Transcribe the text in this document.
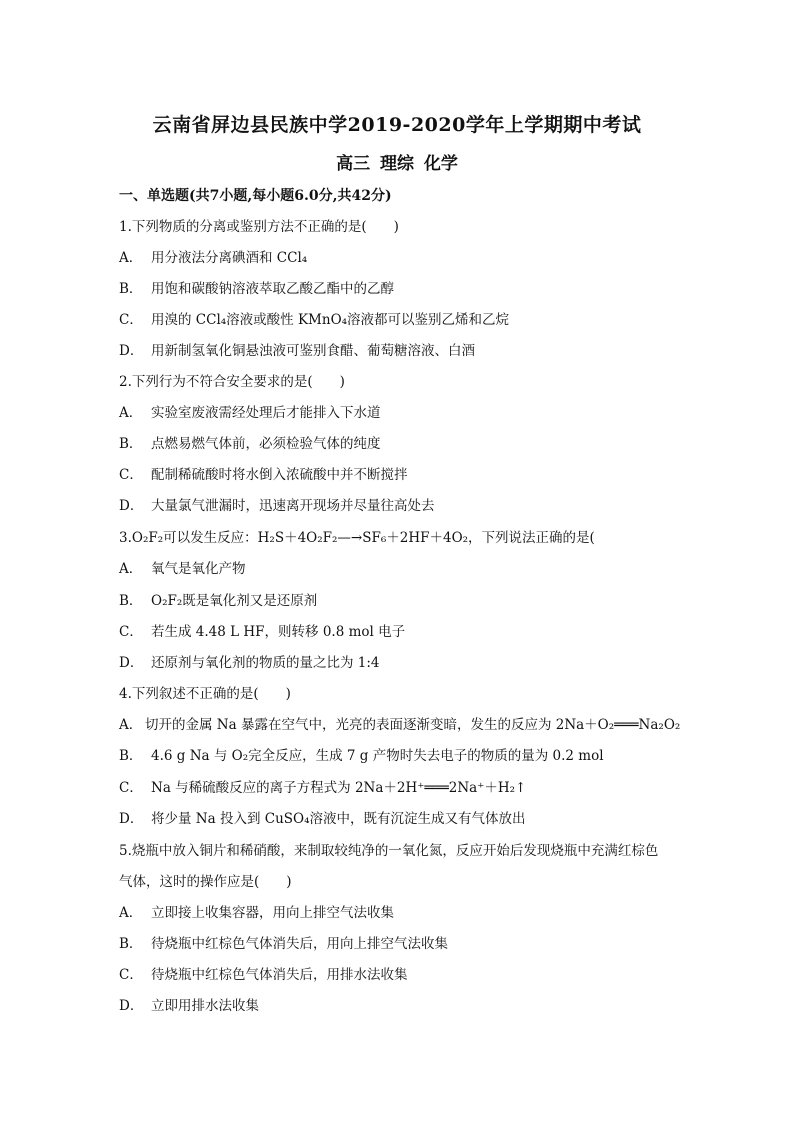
云南省屏边县民族中学2019-2020学年上学期期中考试
高三 理综 化学
一、单选题(共7小题,每小题6.0分,共42分)
1.下列物质的分离或鉴别方法不正确的是(　　)
A． 用分液法分离碘酒和 CCl₄
B． 用饱和碳酸钠溶液萃取乙酸乙酯中的乙醇
C． 用溴的 CCl₄溶液或酸性 KMnO₄溶液都可以鉴别乙烯和乙烷
D． 用新制氢氧化铜悬浊液可鉴别食醋、葡萄糖溶液、白酒
2.下列行为不符合安全要求的是(　　)
A． 实验室废液需经处理后才能排入下水道
B． 点燃易燃气体前，必须检验气体的纯度
C． 配制稀硫酸时将水倒入浓硫酸中并不断搅拌
D． 大量氯气泄漏时，迅速离开现场并尽量往高处去
3.O₂F₂可以发生反应：H₂S＋4O₂F₂—→SF₆＋2HF＋4O₂，下列说法正确的是(
A． 氧气是氧化产物
B． O₂F₂既是氧化剂又是还原剂
C． 若生成 4.48 L HF，则转移 0.8 mol 电子
D． 还原剂与氧化剂的物质的量之比为 1:4
4.下列叙述不正确的是(　　)
A． 切开的金属 Na 暴露在空气中，光亮的表面逐渐变暗，发生的反应为 2Na＋O₂═══Na₂O₂
B． 4.6 g Na 与 O₂完全反应，生成 7 g 产物时失去电子的物质的量为 0.2 mol
C． Na 与稀硫酸反应的离子方程式为 2Na＋2H⁺═══2Na⁺＋H₂↑
D． 将少量 Na 投入到 CuSO₄溶液中，既有沉淀生成又有气体放出
5.烧瓶中放入铜片和稀硝酸，来制取较纯净的一氧化氮，反应开始后发现烧瓶中充满红棕色
气体，这时的操作应是(　　)
A． 立即接上收集容器，用向上排空气法收集
B． 待烧瓶中红棕色气体消失后，用向上排空气法收集
C． 待烧瓶中红棕色气体消失后，用排水法收集
D． 立即用排水法收集
